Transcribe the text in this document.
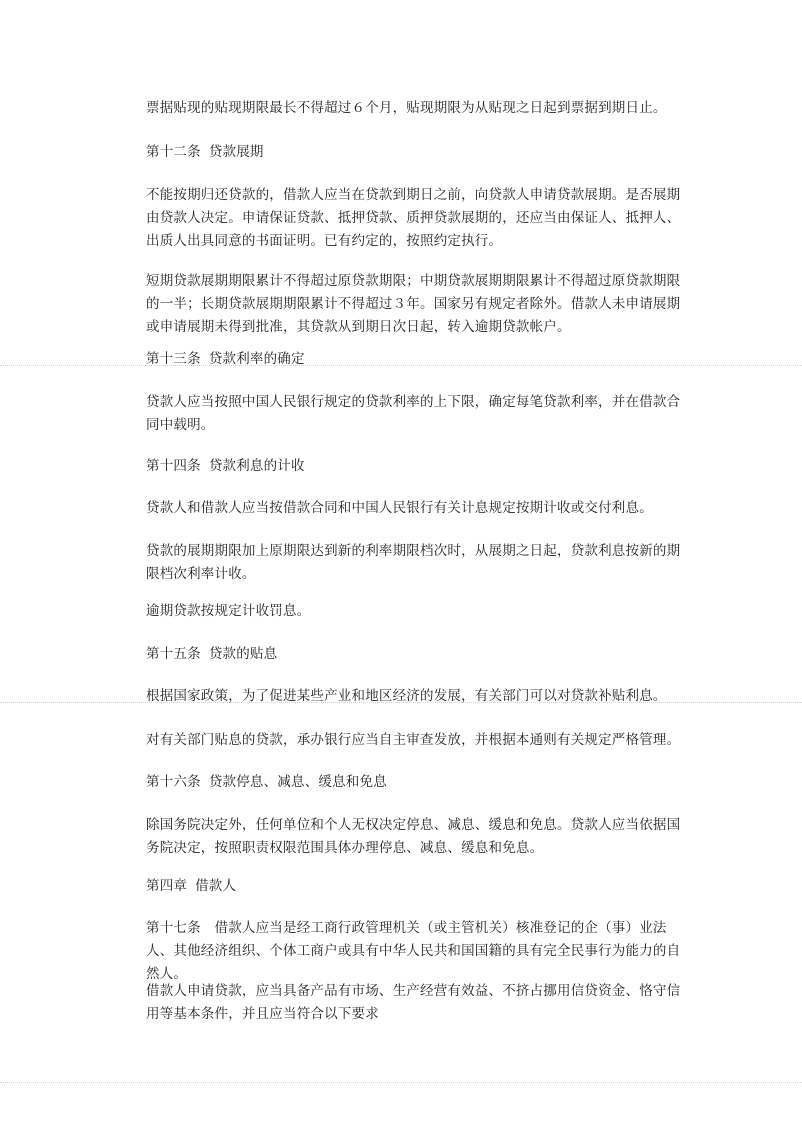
票据贴现的贴现期限最长不得超过６个月，贴现期限为从贴现之日起到票据到期日止。

第十二条 贷款展期

不能按期归还贷款的，借款人应当在贷款到期日之前，向贷款人申请贷款展期。是否展期由贷款人决定。申请保证贷款、抵押贷款、质押贷款展期的，还应当由保证人、抵押人、出质人出具同意的书面证明。已有约定的，按照约定执行。

短期贷款展期期限累计不得超过原贷款期限；中期贷款展期期限累计不得超过原贷款期限的一半；长期贷款展期期限累计不得超过３年。国家另有规定者除外。借款人未申请展期或申请展期未得到批准，其贷款从到期日次日起，转入逾期贷款帐户。

第十三条 贷款利率的确定

贷款人应当按照中国人民银行规定的贷款利率的上下限，确定每笔贷款利率，并在借款合同中载明。

第十四条 贷款利息的计收

贷款人和借款人应当按借款合同和中国人民银行有关计息规定按期计收或交付利息。

贷款的展期期限加上原期限达到新的利率期限档次时，从展期之日起，贷款利息按新的期限档次利率计收。

逾期贷款按规定计收罚息。

第十五条 贷款的贴息

根据国家政策，为了促进某些产业和地区经济的发展，有关部门可以对贷款补贴利息。

对有关部门贴息的贷款，承办银行应当自主审查发放，并根据本通则有关规定严格管理。

第十六条 贷款停息、减息、缓息和免息

除国务院决定外，任何单位和个人无权决定停息、减息、缓息和免息。贷款人应当依据国务院决定，按照职责权限范围具体办理停息、减息、缓息和免息。

第四章 借款人

第十七条　借款人应当是经工商行政管理机关（或主管机关）核准登记的企（事）业法人、其他经济组织、个体工商户或具有中华人民共和国国籍的具有完全民事行为能力的自然人。

借款人申请贷款，应当具备产品有市场、生产经营有效益、不挤占挪用信贷资金、恪守信用等基本条件，并且应当符合以下要求
